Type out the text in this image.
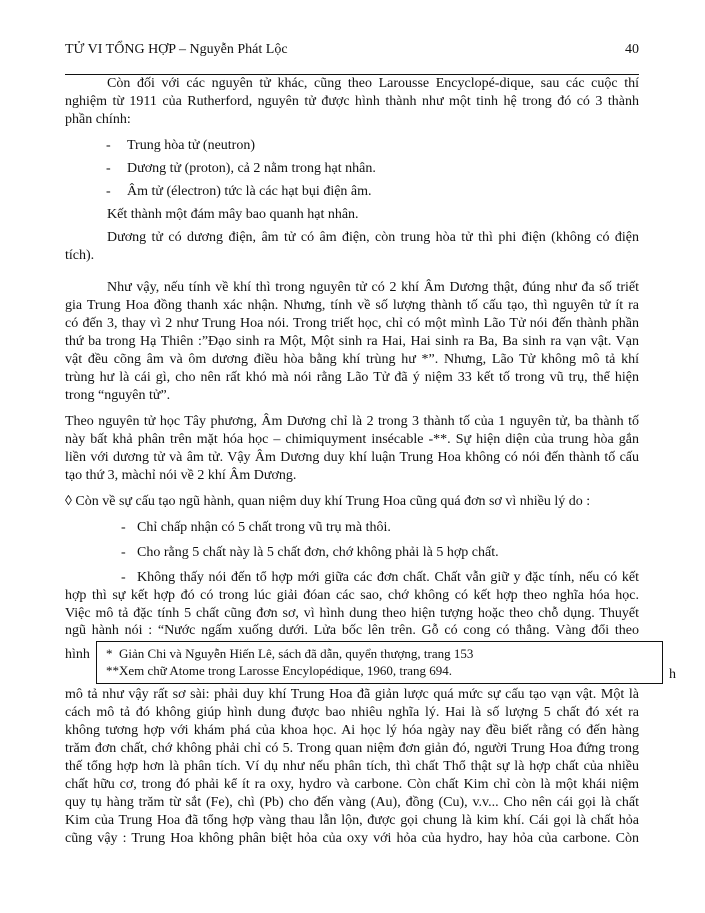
TỬ VI TỔNG HỢP – Nguyễn Phát Lộc	40
Còn đối với các nguyên tử khác, cũng theo Larousse Encyclopé-dique, sau các cuộc thí
nghiệm từ 1911 của Rutherford, nguyên tử được hình thành như một tinh hệ trong đó có 3 thành
phần chính:
- Trung hòa tử (neutron)
- Dương tử (proton), cả 2 nằm trong hạt nhân.
- Âm tử (électron) tức là các hạt bụi điện âm.
Kết thành một đám mây bao quanh hạt nhân.
Dương tử có dương điện, âm tử có âm điện, còn trung hòa tử thì phi điện (không có điện
tích).
Như vậy, nếu tính về khí thì trong nguyên tử có 2 khí Âm Dương thật, đúng như đa số triết
gia Trung Hoa đồng thanh xác nhận. Nhưng, tính về số lượng thành tố cấu tạo, thì nguyên tử ít ra
có đến 3, thay vì 2 như Trung Hoa nói. Trong triết học, chỉ có một mình Lão Tử nói đến thành phần
thứ ba trong Hạ Thiên :”Đạo sinh ra Một, Một sinh ra Hai, Hai sinh ra Ba, Ba sinh ra vạn vật. Vạn
vật đều cõng âm và ôm dương điều hòa bằng khí trùng hư *”. Nhưng, Lão Tử không mô tả khí
trùng hư là cái gì, cho nên rất khó mà nói rằng Lão Tử đã ý niệm 33 kết tố trong vũ trụ, thể hiện
trong “nguyên tử”.
Theo nguyên tử học Tây phương, Âm Dương chỉ là 2 trong 3 thành tố của 1 nguyên tử, ba thành tố
này bất khả phân trên mặt hóa học – chimiquyment insécable -**. Sự hiện diện của trung hòa gắn
liền với dương tử và âm tử. Vậy Âm Dương duy khí luận Trung Hoa không có nói đến thành tố cấu
tạo thứ 3, màchỉ nói về 2 khí Âm Dương.
◊ Còn về sự cấu tạo ngũ hành, quan niệm duy khí Trung Hoa cũng quá đơn sơ vì nhiều lý do :
- Chỉ chấp nhận có 5 chất trong vũ trụ mà thôi.
- Cho rằng 5 chất này là 5 chất đơn, chớ không phải là 5 hợp chất.
- Không thấy nói đến tổ hợp mới giữa các đơn chất. Chất vẫn giữ y đặc tính, nếu có kết
hợp thì sự kết hợp đó có trong lúc giải đóan các sao, chớ không có kết hợp theo nghĩa hóa học.
Việc mô tả đặc tính 5 chất cũng đơn sơ, vì hình dung theo hiện tượng hoặc theo chỗ dụng. Thuyết
ngũ hành nói : “Nước ngấm xuống dưới. Lửa bốc lên trên. Gỗ có cong có thẳng. Vàng đổi theo
hình
h
* Giản Chi và Nguyễn Hiến Lê, sách đã dẫn, quyển thượng, trang 153
** Xem chữ Atome trong Larosse Encylopédique, 1960, trang 694.
mô tả như vậy rất sơ sài: phải duy khí Trung Hoa đã giản lược quá mức sự cấu tạo vạn vật. Một là
cách mô tả đó không giúp hình dung được bao nhiêu nghĩa lý. Hai là số lượng 5 chất đó xét ra
không tương hợp với khám phá của khoa học. Ai học lý hóa ngày nay đều biết rằng có đến hàng
trăm đơn chất, chớ không phải chỉ có 5. Trong quan niệm đơn giản đó, người Trung Hoa đứng trong
thế tổng hợp hơn là phân tích. Ví dụ như nếu phân tích, thì chất Thổ thật sự là hợp chất của nhiều
chất hữu cơ, trong đó phải kể ít ra oxy, hydro và carbone. Còn chất Kim chỉ còn là một khái niệm
quy tụ hàng trăm từ sắt (Fe), chì (Pb) cho đến vàng (Au), đồng (Cu), v.v... Cho nên cái gọi là chất
Kim của Trung Hoa đã tổng hợp vàng thau lẫn lộn, được gọi chung là kim khí. Cái gọi là chất hỏa
cũng vậy : Trung Hoa không phân biệt hỏa của oxy với hỏa của hydro, hay hỏa của carbone. Còn
